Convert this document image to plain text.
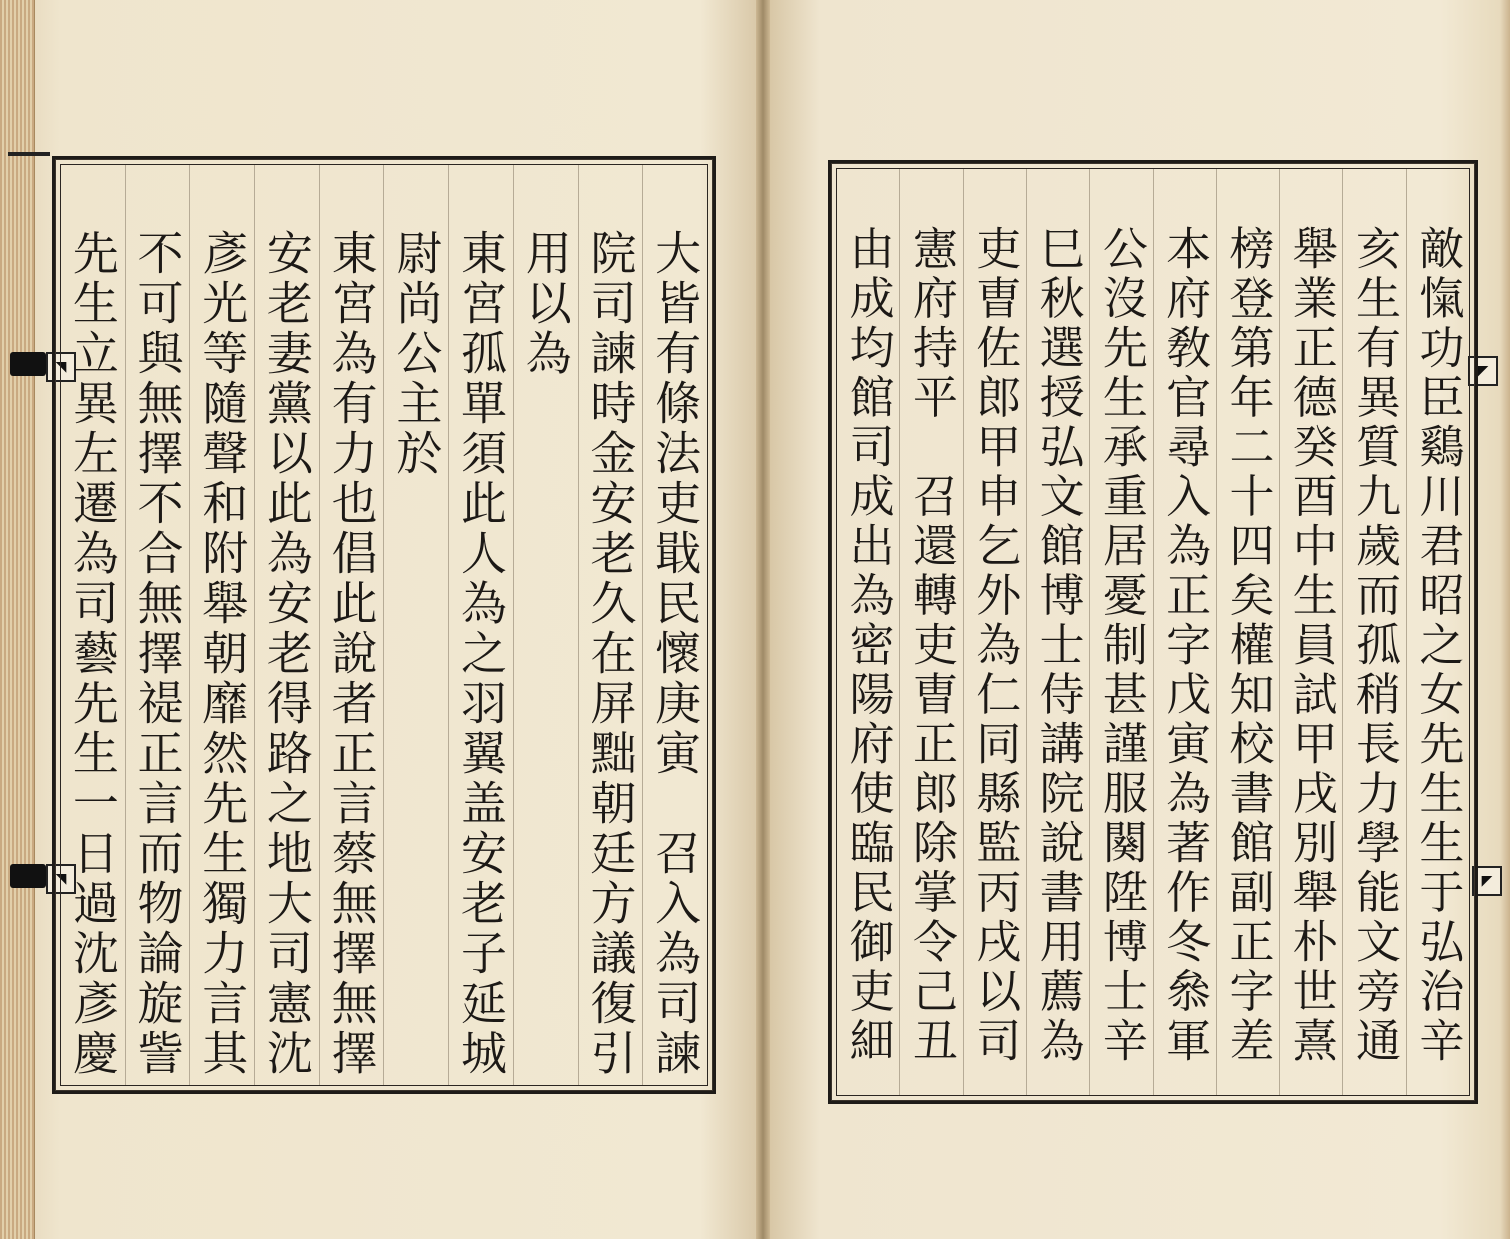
◥
◥
◤
◤
大皆有條法吏戢民懷庚寅　召入為司諫
院司諫時金安老久在屏黜朝廷方議復引
用以為
東宮孤單須此人為之羽翼盖安老子延城
尉尚公主於
東宮為有力也倡此說者正言蔡無擇無擇
安老妻黨以此為安老得路之地大司憲沈
彥光等隨聲和附舉朝靡然先生獨力言其
不可與無擇不合無擇禔正言而物論旋訾
先生立異左遷為司藝先生一日過沈彥慶	敵愾功臣鷄川君昭之女先生生于弘治辛
亥生有異質九歲而孤稍長力學能文旁通
舉業正德癸酉中生員試甲戌別舉朴世熹
榜登第年二十四矣權知校書館副正字差
本府敎官尋入為正字戊寅為著作冬叅軍
公沒先生承重居憂制甚謹服闋陞博士辛
巳秋選授弘文館博士侍講院說書用薦為
吏曺佐郎甲申乞外為仁同縣監丙戌以司
憲府持平　召還轉吏曺正郎除掌令己丑
由成均館司成出為密陽府使臨民御吏細
